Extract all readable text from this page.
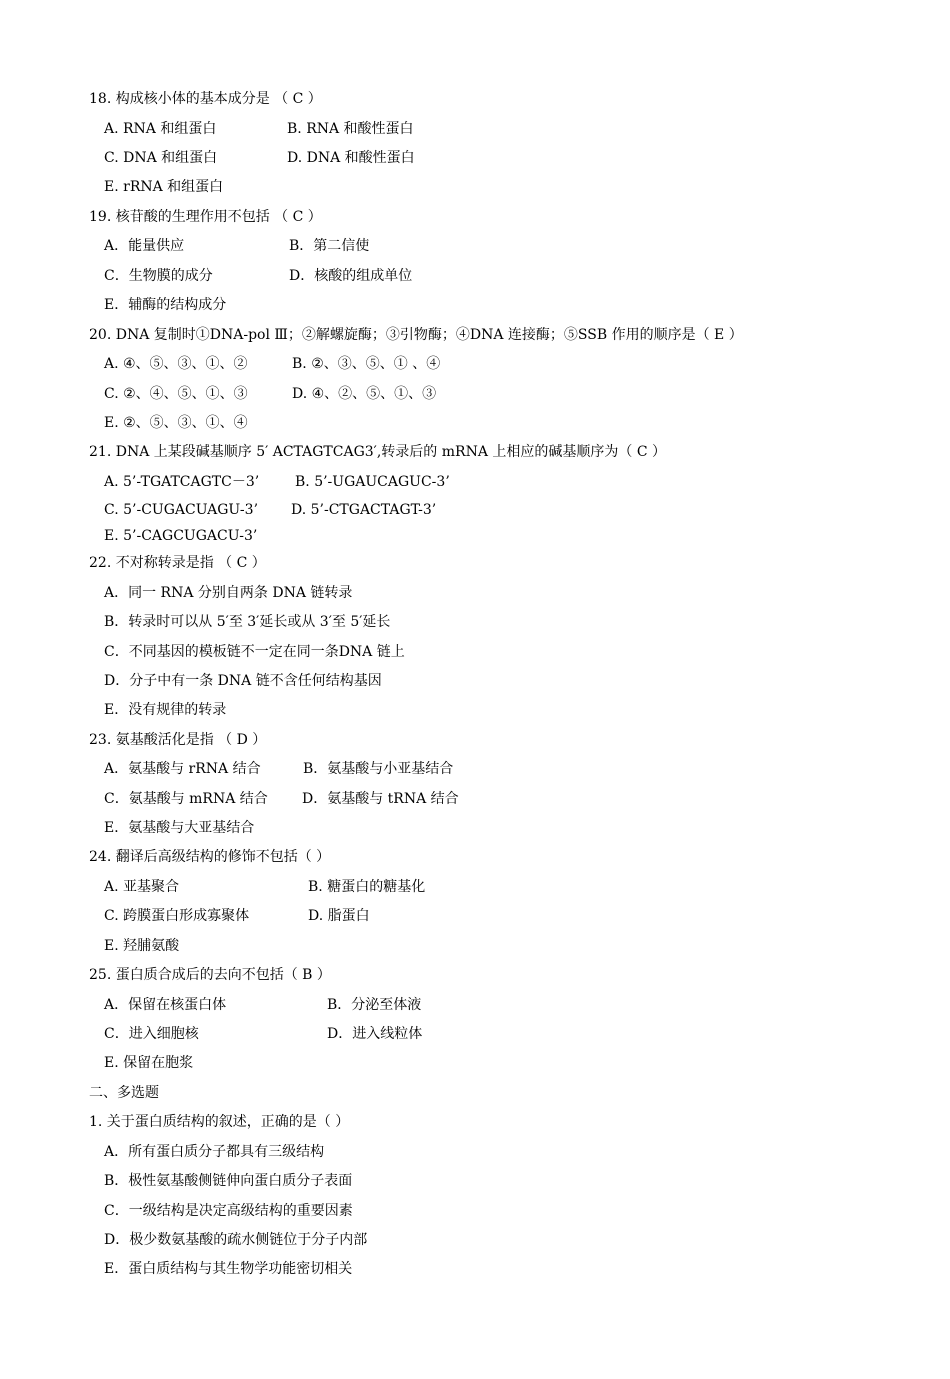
18. 构成核小体的基本成分是 （ C ）
A. RNA 和组蛋白	B. RNA 和酸性蛋白
C. DNA 和组蛋白	D. DNA 和酸性蛋白
E. rRNA 和组蛋白
19. 核苷酸的生理作用不包括 （ C ）
A．能量供应	B．第二信使
C．生物膜的成分	D．核酸的组成单位
E．辅酶的结构成分
20. DNA 复制时①DNA-pol Ⅲ；②解螺旋酶；③引物酶；④DNA 连接酶；⑤SSB 作用的顺序是（ E ）
A. ④、⑤、③、①、②	B. ②、③、⑤、① 、④
C. ②、④、⑤、①、③	D. ④、②、⑤、①、③
E. ②、⑤、③、①、④
21. DNA 上某段碱基顺序 5′ ACTAGTCAG3′,转录后的 mRNA 上相应的碱基顺序为（ C ）
A. 5’-TGATCAGTC－3’	B. 5’-UGAUCAGUC-3’
C. 5’-CUGACUAGU-3’ D. 5’-CTGACTAGT-3’
E. 5’-CAGCUGACU-3’
22. 不对称转录是指 （ C ）
A．同一 RNA 分别自两条 DNA 链转录
B．转录时可以从 5′至 3′延长或从 3′至 5′延长
C．不同基因的模板链不一定在同一条DNA 链上
D．分子中有一条 DNA 链不含任何结构基因
E．没有规律的转录
23. 氨基酸活化是指 （ D ）
A．氨基酸与 rRNA 结合	B．氨基酸与小亚基结合
C．氨基酸与 mRNA 结合 D．氨基酸与 tRNA 结合
E．氨基酸与大亚基结合
24. 翻译后高级结构的修饰不包括（ ）
A. 亚基聚合	B. 糖蛋白的糖基化
C. 跨膜蛋白形成寡聚体	D. 脂蛋白
E. 羟脯氨酸
25. 蛋白质合成后的去向不包括（ B ）
A．保留在核蛋白体	B．分泌至体液
C．进入细胞核	D．进入线粒体
E. 保留在胞浆
二、多选题
1. 关于蛋白质结构的叙述，正确的是（ ）
A．所有蛋白质分子都具有三级结构
B．极性氨基酸侧链伸向蛋白质分子表面
C．一级结构是决定高级结构的重要因素
D．极少数氨基酸的疏水侧链位于分子内部
E．蛋白质结构与其生物学功能密切相关
